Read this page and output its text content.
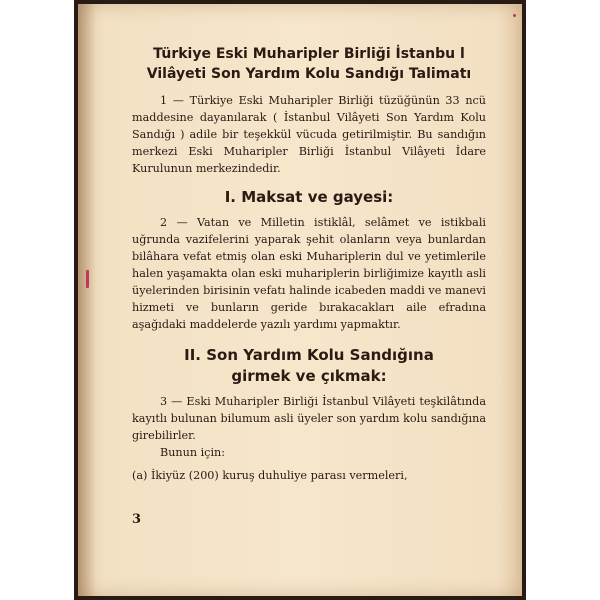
Türkiye Eski Muharipler Birliği İstanbu l
Vilâyeti Son Yardım Kolu Sandığı Talimatı

1 — Türkiye Eski Muharipler Birliği tüzüğünün 33 ncü maddesine dayanılarak ( İstanbul Vilâyeti Son Yardım Kolu Sandığı ) adile bir teşekkül vücuda getirilmiştir. Bu sandığın merkezi Eski Muharipler Birliği İstanbul Vilâyeti İdare Kurulunun merkezindedir.

I. Maksat ve gayesi:

2 — Vatan ve Milletin istiklâl, selâmet ve istikbali uğrunda vazifelerini yaparak şehit olanların veya bunlardan bilâhara vefat etmiş olan eski Muhariplerin dul ve yetimlerile halen yaşamakta olan eski muhariplerin birliğimize kayıtlı asli üyelerinden birisinin vefatı halinde icabeden maddi ve manevi hizmeti ve bunların geride bırakacakları aile efradına aşağıdaki maddelerde yazılı yardımı yapmaktır.

II. Son Yardım Kolu Sandığına
girmek ve çıkmak:

3 — Eski Muharipler Birliği İstanbul Vilâyeti teşkilâtında kayıtlı bulunan bilumum asli üyeler son yardım kolu sandığına girebilirler.

Bunun için:

(a) İkiyüz (200) kuruş duhuliye parası vermeleri,

3
